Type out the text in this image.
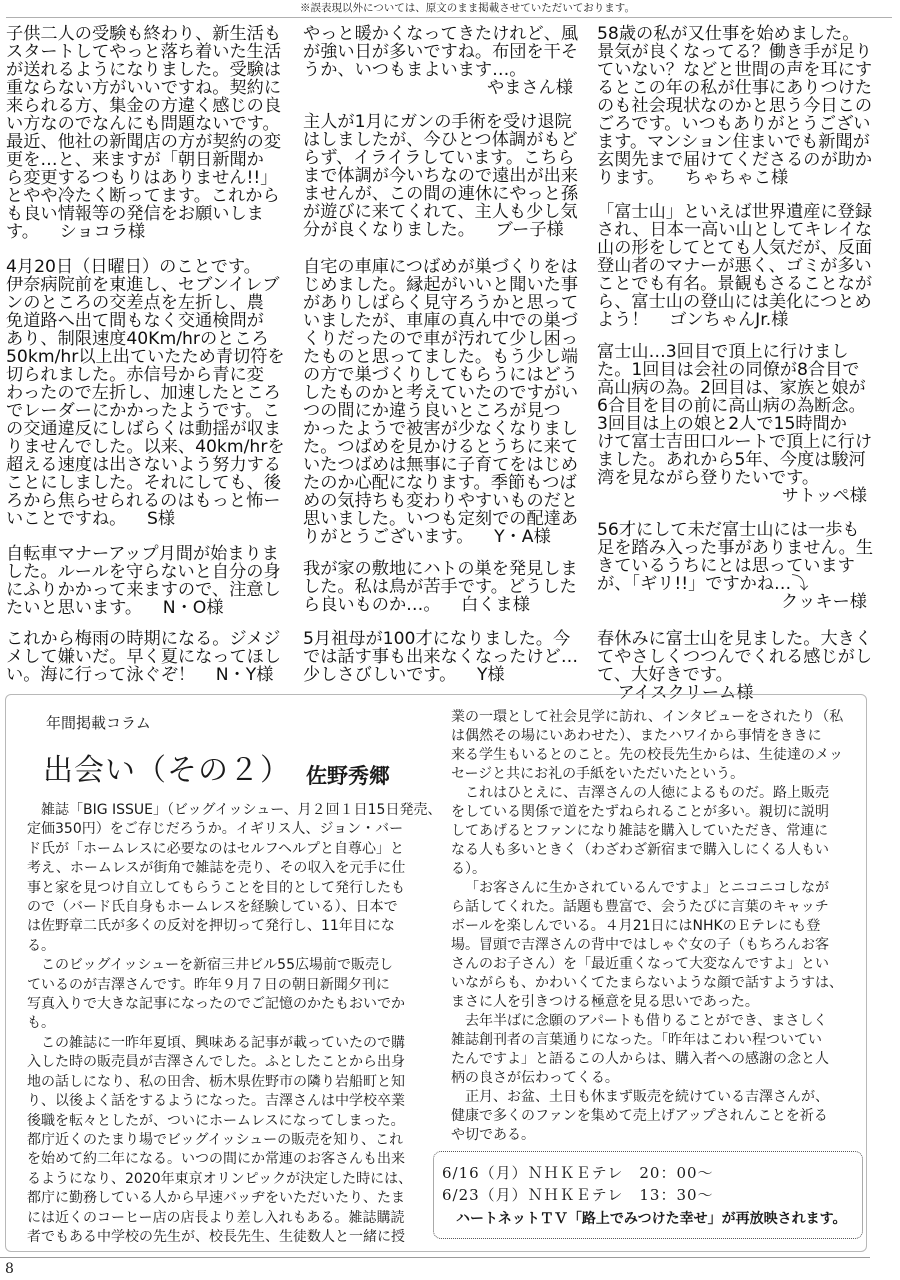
※誤表現以外については、原文のまま掲載させていただいております。
子供二人の受験も終わり、新生活も
スタートしてやっと落ち着いた生活
が送れるようになりました。受験は
重ならない方がいいですね。契約に
来られる方、集金の方違く感じの良
い方なのでなんにも問題ないです。
最近、他社の新聞店の方が契約の変
更を…と、来ますが「朝日新聞か
ら変更するつもりはありません!!」
とやや冷たく断ってます。これから
も良い情報等の発信をお願いしま
す。 ショコラ様
4月20日（日曜日）のことです。
伊奈病院前を東進し、セブンイレブ
ンのところの交差点を左折し、農
免道路へ出て間もなく交通検問が
あり、制限速度40Km/hrのところ
50km/hr以上出ていたため青切符を
切られました。赤信号から青に変
わったので左折し、加速したところ
でレーダーにかかったようです。こ
の交通違反にしばらくは動揺が収ま
りませんでした。以来、40km/hrを
超える速度は出さないよう努力する
ことにしました。それにしても、後
ろから焦らせられるのはもっと怖ー
いことですね。 S様
自転車マナーアップ月間が始まりま
した。ルールを守らないと自分の身
にふりかかって来ますので、注意し
たいと思います。 N・O様
これから梅雨の時期になる。ジメジ
メして嫌いだ。早く夏になってほし
い。海に行って泳ぐぞ！ N・Y様
やっと暖かくなってきたけれど、風
が強い日が多いですね。布団を干そ
うか、いつもまよいます…。
やまさん様
主人が1月にガンの手術を受け退院
はしましたが、今ひとつ体調がもど
らず、イライラしています。こちら
まで体調が今いちなので遠出が出来
ませんが、この間の連休にやっと孫
が遊びに来てくれて、主人も少し気
分が良くなりました。 ブー子様
自宅の車庫につばめが巣づくりをは
じめました。縁起がいいと聞いた事
がありしばらく見守ろうかと思って
いましたが、車庫の真ん中での巣づ
くりだったので車が汚れて少し困っ
たものと思ってました。もう少し端
の方で巣づくりしてもらうにはどう
したものかと考えていたのですがい
つの間にか違う良いところが見つ
かったようで被害が少なくなりまし
た。つばめを見かけるとうちに来て
いたつばめは無事に子育てをはじめ
たのか心配になります。季節もつば
めの気持ちも変わりやすいものだと
思いました。いつも定刻での配達あ
りがとうございます。 Y・A様
我が家の敷地にハトの巣を発見しま
した。私は鳥が苦手です。どうした
ら良いものか…。 白くま様
5月祖母が100才になりました。今
では話す事も出来なくなったけど…
少しさびしいです。 Y様
58歳の私が又仕事を始めました。
景気が良くなってる？働き手が足り
ていない？などと世間の声を耳にす
るとこの年の私が仕事にありつけた
のも社会現状なのかと思う今日この
ごろです。いつもありがとうござい
ます。マンション住まいでも新聞が
玄関先まで届けてくださるのが助か
ります。 ちゃちゃこ様
「富士山」といえば世界遺産に登録
され、日本一高い山としてキレイな
山の形をしてとても人気だが、反面
登山者のマナーが悪く、ゴミが多い
ことでも有名。景観もさることなが
ら、富士山の登山には美化につとめ
よう！ ゴンちゃんJr.様
富士山…3回目で頂上に行けまし
た。1回目は会社の同僚が8合目で
高山病の為。2回目は、家族と娘が
6合目を目の前に高山病の為断念。
3回目は上の娘と2人で15時間か
けて富士吉田口ルートで頂上に行け
ました。あれから5年、今度は駿河
湾を見ながら登りたいです。
サトッペ様
56才にして未だ富士山には一歩も
足を踏み入った事がありません。生
きているうちにとは思っています
が、「ギリ!!」ですかね…⤵
クッキー様
春休みに富士山を見ました。大きく
てやさしくつつんでくれる感じがし
て、大好きです。アイスクリーム様
年間掲載コラム
出会い（その２） 佐野秀郷

雑誌「BIG ISSUE」（ビッグイッシュー、月２回１日15日発売、
定価350円）をご存じだろうか。イギリス人、ジョン・バー
ド氏が「ホームレスに必要なのはセルフヘルプと自尊心」と
考え、ホームレスが街角で雑誌を売り、その収入を元手に仕
事と家を見つけ自立してもらうことを目的として発行したも
ので（バード氏自身もホームレスを経験している）、日本で
は佐野章二氏が多くの反対を押切って発行し、11年目にな
る。

このビッグイッシューを新宿三井ビル55広場前で販売し
ているのが吉澤さんです。昨年９月７日の朝日新聞夕刊に
写真入りで大きな記事になったのでご記憶のかたもおいでか
も。

この雑誌に一昨年夏頃、興味ある記事が載っていたので購
入した時の販売員が吉澤さんでした。ふとしたことから出身
地の話しになり、私の田舎、栃木県佐野市の隣り岩船町と知
り、以後よく話をするようになった。吉澤さんは中学校卒業
後職を転々としたが、ついにホームレスになってしまった。
都庁近くのたまり場でビッグイッシューの販売を知り、これ
を始めて約二年になる。いつの間にか常連のお客さんも出来
るようになり、2020年東京オリンピックが決定した時には、
都庁に勤務している人から早速バッヂをいただいたり、たま
には近くのコーヒー店の店長より差し入れもある。雑誌購読
者でもある中学校の先生が、校長先生、生徒数人と一緒に授

業の一環として社会見学に訪れ、インタビューをされたり（私
は偶然その場にいあわせた）、またハワイから事情をききに
来る学生もいるとのこと。先の校長先生からは、生徒達のメッ
セージと共にお礼の手紙をいただいたという。

これはひとえに、吉澤さんの人徳によるものだ。路上販売
をしている関係で道をたずねられることが多い。親切に説明
してあげるとファンになり雑誌を購入していただき、常連に
なる人も多いときく（わざわざ新宿まで購入しにくる人もい
る）。

「お客さんに生かされているんですよ」とニコニコしなが
ら話してくれた。話題も豊富で、会うたびに言葉のキャッチ
ボールを楽しんでいる。４月21日にはNHKのＥテレにも登
場。冒頭で吉澤さんの背中ではしゃぐ女の子（もちろんお客
さんのお子さん）を「最近重くなって大変なんですよ」とい
いながらも、かわいくてたまらないような顔で話すようすは、
まさに人を引きつける極意を見る思いであった。

去年半ばに念願のアパートも借りることができ、まさしく
雑誌創刊者の言葉通りになった。「昨年はこわい程ついてい
たんですよ」と語るこの人からは、購入者への感謝の念と人
柄の良さが伝わってくる。

正月、お盆、土日も休まず販売を続けている吉澤さんが、
健康で多くのファンを集めて売上げアップされんことを祈る
や切である。

6/16（月）ＮＨＫＥテレ　20：00～
6/23（月）ＮＨＫＥテレ　13：30～
ハートネットＴＶ「路上でみつけた幸せ」が再放映されます。
8
